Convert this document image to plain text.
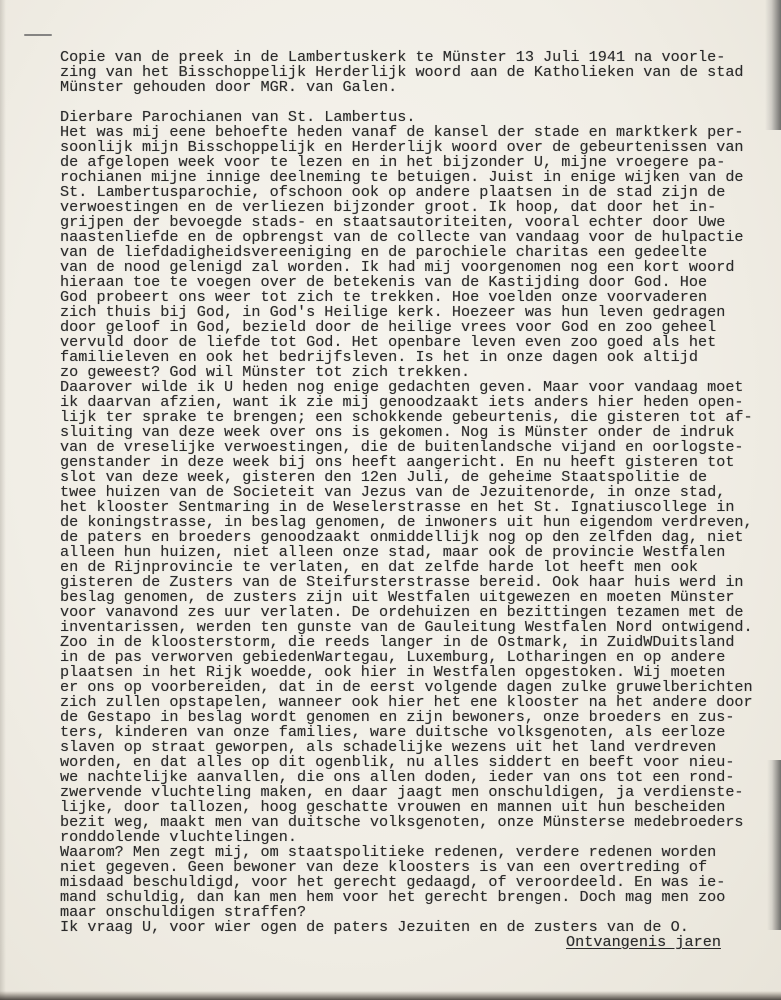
Copie van de preek in de Lambertuskerk te Münster 13 Juli 1941 na voorle-
zing van het Bisschoppelijk Herderlijk woord aan de Katholieken van de stad
Münster gehouden door MGR. van Galen.
Dierbare Parochianen van St. Lambertus.
Het was mij eene behoefte heden vanaf de kansel der stade en marktkerk per-
soonlijk mijn Bisschoppelijk en Herderlijk woord over de gebeurtenissen van
de afgelopen week voor te lezen en in het bijzonder U, mijne vroegere pa-
rochianen mijne innige deelneming te betuigen. Juist in enige wijken van de
St. Lambertusparochie, ofschoon ook op andere plaatsen in de stad zijn de
verwoestingen en de verliezen bijzonder groot. Ik hoop, dat door het in-
grijpen der bevoegde stads- en staatsautoriteiten, vooral echter door Uwe
naastenliefde en de opbrengst van de collecte van vandaag voor de hulpactie
van de liefdadigheidsvereeniging en de parochiele charitas een gedeelte
van de nood gelenigd zal worden. Ik had mij voorgenomen nog een kort woord
hieraan toe te voegen over de betekenis van de Kastijding door God. Hoe
God probeert ons weer tot zich te trekken. Hoe voelden onze voorvaderen
zich thuis bij God, in God's Heilige kerk. Hoezeer was hun leven gedragen
door geloof in God, bezield door de heilige vrees voor God en zoo geheel
vervuld door de liefde tot God. Het openbare leven even zoo goed als het
familieleven en ook het bedrijfsleven. Is het in onze dagen ook altijd
zo geweest? God wil Münster tot zich trekken.
Daarover wilde ik U heden nog enige gedachten geven. Maar voor vandaag moet
ik daarvan afzien, want ik zie mij genoodzaakt iets anders hier heden open-
lijk ter sprake te brengen; een schokkende gebeurtenis, die gisteren tot af-
sluiting van deze week over ons is gekomen. Nog is Münster onder de indruk
van de vreselijke verwoestingen, die de buitenlandsche vijand en oorlogste-
genstander in deze week bij ons heeft aangericht. En nu heeft gisteren tot
slot van deze week, gisteren den 12en Juli, de geheime Staatspolitie de
twee huizen van de Societeit van Jezus van de Jezuitenorde, in onze stad,
het klooster Sentmaring in de Weselerstrasse en het St. Ignatiuscollege in
de koningstrasse, in beslag genomen, de inwoners uit hun eigendom verdreven,
de paters en broeders genoodzaakt onmiddellijk nog op den zelfden dag, niet
alleen hun huizen, niet alleen onze stad, maar ook de provincie Westfalen
en de Rijnprovincie te verlaten, en dat zelfde harde lot heeft men ook
gisteren de Zusters van de Steifursterstrasse bereid. Ook haar huis werd in
beslag genomen, de zusters zijn uit Westfalen uitgewezen en moeten Münster
voor vanavond zes uur verlaten. De ordehuizen en bezittingen tezamen met de
inventarissen, werden ten gunste van de Gauleitung Westfalen Nord ontwigend.
Zoo in de kloosterstorm, die reeds langer in de Ostmark, in ZuidWDuitsland
in de pas verworven gebiedenWartegau, Luxemburg, Lotharingen en op andere
plaatsen in het Rijk woedde, ook hier in Westfalen opgestoken. Wij moeten
er ons op voorbereiden, dat in de eerst volgende dagen zulke gruwelberichten
zich zullen opstapelen, wanneer ook hier het ene klooster na het andere door
de Gestapo in beslag wordt genomen en zijn bewoners, onze broeders en zus-
ters, kinderen van onze families, ware duitsche volksgenoten, als eerloze
slaven op straat geworpen, als schadelijke wezens uit het land verdreven
worden, en dat alles op dit ogenblik, nu alles siddert en beeft voor nieu-
we nachtelijke aanvallen, die ons allen doden, ieder van ons tot een rond-
zwervende vluchteling maken, en daar jaagt men onschuldigen, ja verdienste-
lijke, door tallozen, hoog geschatte vrouwen en mannen uit hun bescheiden
bezit weg, maakt men van duitsche volksgenoten, onze Münsterse medebroeders
ronddolende vluchtelingen.
Waarom? Men zegt mij, om staatspolitieke redenen, verdere redenen worden
niet gegeven. Geen bewoner van deze kloosters is van een overtreding of
misdaad beschuldigd, voor het gerecht gedaagd, of veroordeeld. En was ie-
mand schuldig, dan kan men hem voor het gerecht brengen. Doch mag men zoo
maar onschuldigen straffen?
Ik vraag U, voor wier ogen de paters Jezuiten en de zusters van de O.
Ontvangenis jaren
